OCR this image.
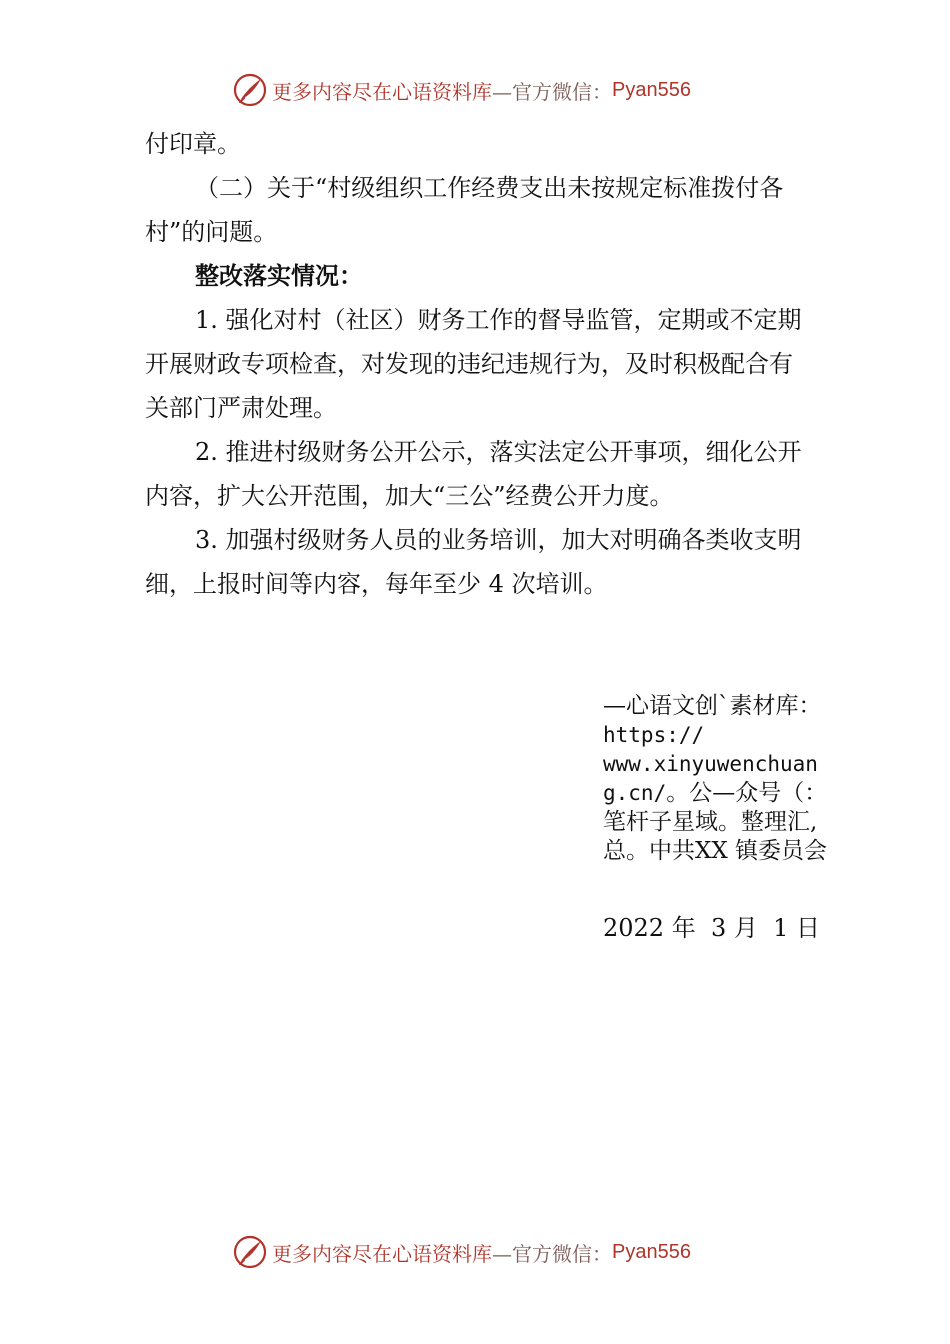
更多内容尽在心语资料库 —官方微信： Pyan556

付印章。

（二）关于“村级组织工作经费支出未按规定标准拨付各村”的问题。

整改落实情况：

1. 强化对村（社区）财务工作的督导监管，定期或不定期开展财政专项检查，对发现的违纪违规行为，及时积极配合有关部门严肃处理。

2. 推进村级财务公开公示，落实法定公开事项，细化公开内容，扩大公开范围，加大“三公”经费公开力度。

3. 加强村级财务人员的业务培训，加大对明确各类收支明细，上报时间等内容，每年至少 4 次培训。

—心语文创`素材库：
https://
www.xinyuwenchuang.cn/。公—众号（：笔杆子星域。整理汇,总。中共XX 镇委员会
2022 年  3 月  1 日
更多内容尽在心语资料库 —官方微信： Pyan556
